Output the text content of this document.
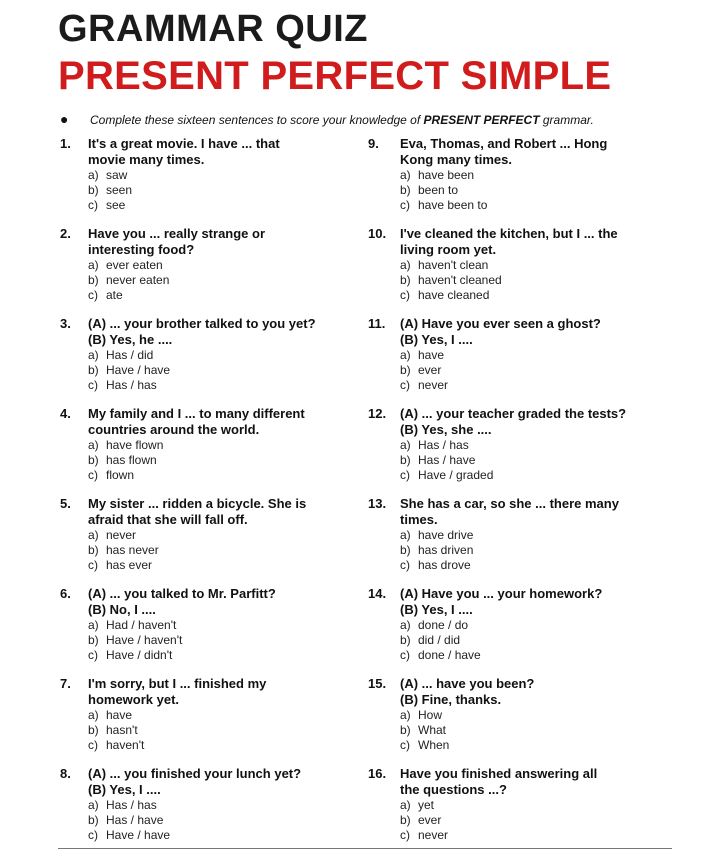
GRAMMAR QUIZ
PRESENT PERFECT SIMPLE
● Complete these sixteen sentences to score your knowledge of PRESENT PERFECT grammar.
1. It's a great movie. I have ... that
movie many times.
a) saw
b) seen
c) see
2. Have you ... really strange or
interesting food?
a) ever eaten
b) never eaten
c) ate
3. (A) ... your brother talked to you yet?
(B) Yes, he ....
a) Has / did
b) Have / have
c) Has / has
4. My family and I ... to many different
countries around the world.
a) have flown
b) has flown
c) flown
5. My sister ... ridden a bicycle. She is
afraid that she will fall off.
a) never
b) has never
c) has ever
6. (A) ... you talked to Mr. Parfitt?
(B) No, I ....
a) Had / haven't
b) Have / haven't
c) Have / didn't
7. I'm sorry, but I ... finished my
homework yet.
a) have
b) hasn't
c) haven't
8. (A) ... you finished your lunch yet?
(B) Yes, I ....
a) Has / has
b) Has / have
c) Have / have
9. Eva, Thomas, and Robert ... Hong
Kong many times.
a) have been
b) been to
c) have been to
10. I've cleaned the kitchen, but I ... the
living room yet.
a) haven't clean
b) haven't cleaned
c) have cleaned
11. (A) Have you ever seen a ghost?
(B) Yes, I ....
a) have
b) ever
c) never
12. (A) ... your teacher graded the tests?
(B) Yes, she ....
a) Has / has
b) Has / have
c) Have / graded
13. She has a car, so she ... there many
times.
a) have drive
b) has driven
c) has drove
14. (A) Have you ... your homework?
(B) Yes, I ....
a) done / do
b) did / did
c) done / have
15. (A) ... have you been?
(B) Fine, thanks.
a) How
b) What
c) When
16. Have you finished answering all
the questions ...?
a) yet
b) ever
c) never
